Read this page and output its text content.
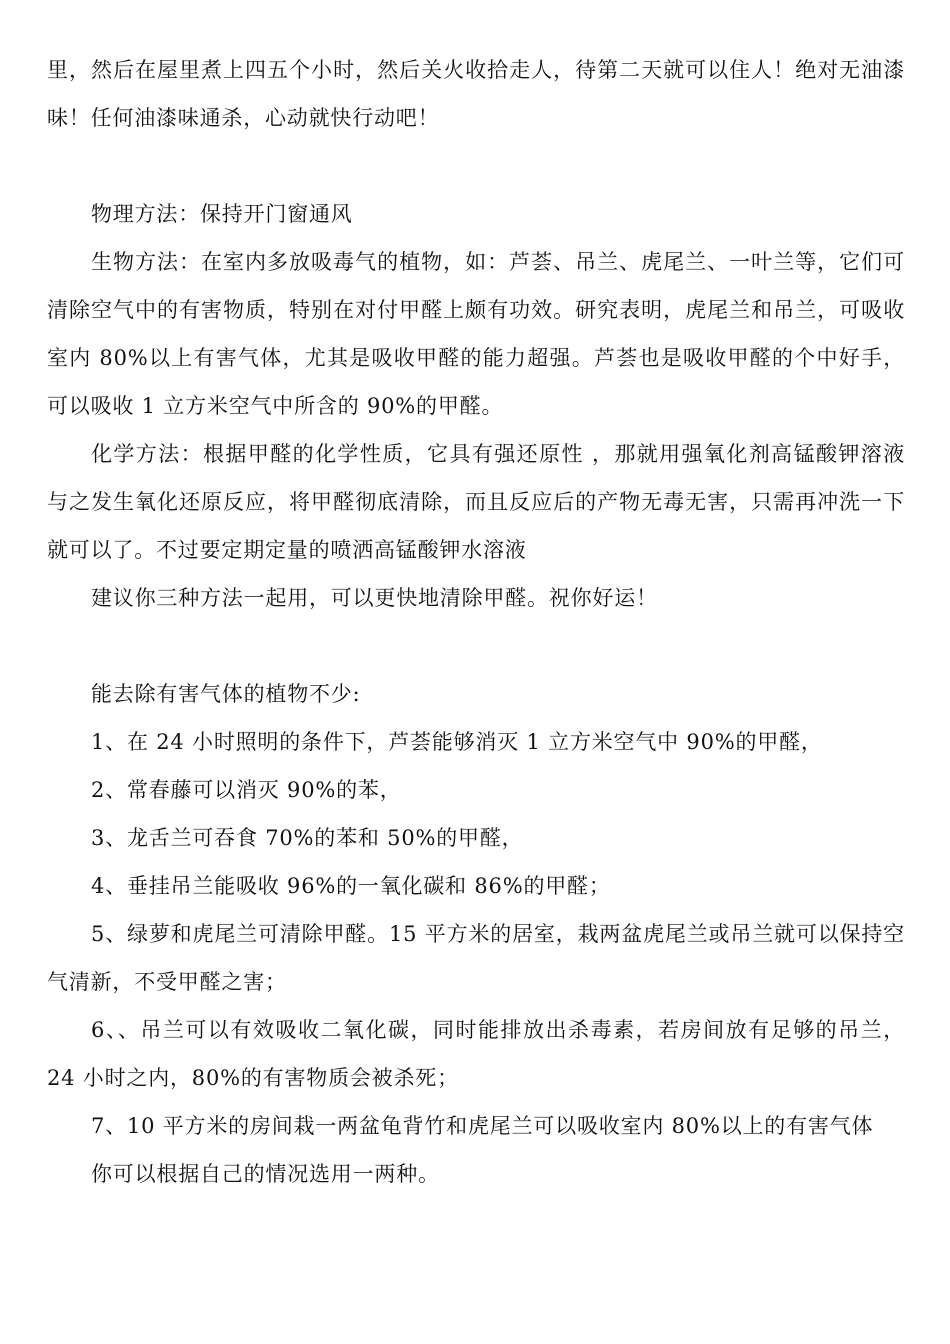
里，然后在屋里煮上四五个小时，然后关火收拾走人，待第二天就可以住人！绝对无油漆味！任何油漆味通杀，心动就快行动吧！

物理方法：保持开门窗通风

生物方法：在室内多放吸毒气的植物，如：芦荟、吊兰、虎尾兰、一叶兰等，它们可清除空气中的有害物质，特别在对付甲醛上颇有功效。研究表明，虎尾兰和吊兰，可吸收室内 80%以上有害气体，尤其是吸收甲醛的能力超强。芦荟也是吸收甲醛的个中好手，可以吸收 1 立方米空气中所含的 90%的甲醛。

化学方法：根据甲醛的化学性质，它具有强还原性 ，那就用强氧化剂高锰酸钾溶液与之发生氧化还原反应，将甲醛彻底清除，而且反应后的产物无毒无害，只需再冲洗一下就可以了。不过要定期定量的喷洒高锰酸钾水溶液

建议你三种方法一起用，可以更快地清除甲醛。祝你好运！

能去除有害气体的植物不少:

1、在 24 小时照明的条件下，芦荟能够消灭 1 立方米空气中 90%的甲醛，

2、常春藤可以消灭 90%的苯，

3、龙舌兰可吞食 70%的苯和 50%的甲醛，

4、垂挂吊兰能吸收 96%的一氧化碳和 86%的甲醛；

5、绿萝和虎尾兰可清除甲醛。15 平方米的居室，栽两盆虎尾兰或吊兰就可以保持空气清新，不受甲醛之害；

6、、吊兰可以有效吸收二氧化碳，同时能排放出杀毒素，若房间放有足够的吊兰，24 小时之内，80%的有害物质会被杀死；

7、10 平方米的房间栽一两盆龟背竹和虎尾兰可以吸收室内 80%以上的有害气体

你可以根据自己的情况选用一两种。
